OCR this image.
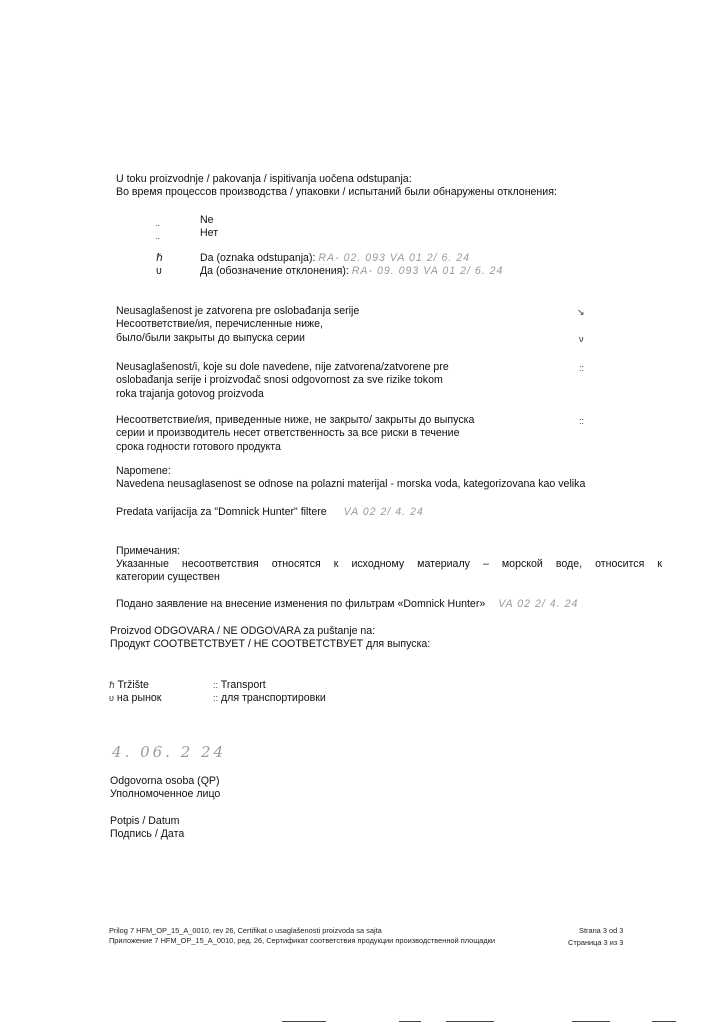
U toku proizvodnje / pakovanja / ispitivanja uočena odstupanja:
Во время процессов производства / упаковки / испытаний были обнаружены отклонения:
..
..
Ne
Нет
ℏ
υ
Da (oznaka odstupanja): RA- 02. 093 VA 01 2/ 6. 24
Да (обозначение отклонения): RA- 09. 093 VA 01 2/ 6. 24
Neusaglašenost je zatvorena pre oslobađanja serije
Несоответствие/ия, перечисленные ниже,
было/были закрыты до выпуска серии
↘
ν
Neusaglašenost/i, koje su dole navedene, nije zatvorena/zatvorene pre
oslobađanja serije i proizvođač snosi odgovornost za sve rizike tokom
roka trajanja gotovog proizvoda
::
Несоответствие/ия, приведенные ниже, не закрыто/ закрыты до выпуска
серии и производитель несет ответственность за все риски в течение
срока годности готового продукта
::
Napomene:
Navedena neusaglasenost se odnose na polazni materijal - morska voda, kategorizovana kao velika
Predata varijacija za "Domnick Hunter" filtere VA 02 2/ 4. 24
Примечания:
Указанные несоответствия относятся к исходному материалу – морской воде, относится к
категории существен
Подано заявление на внесение изменения по фильтрам «Domnick Hunter» VA 02 2/ 4. 24
Proizvod ODGOVARA / NE ODGOVARA za puštanje na:
Продукт СООТВЕТСТВУЕТ / НЕ СООТВЕТСТВУЕТ для выпуска:
ℏ Tržište
υ на рынок
:: Transport
:: для транспортировки
4. 06. 2 24
Odgovorna osoba (QP)
Уполномоченное лицо
Potpis / Datum
Подпись / Дата
Prilog 7 HFM_OP_15_A_0010, rev 26, Certifikat o usaglašenosti proizvoda sa sajta
Приложение 7 HFM_OP_15_A_0010, ред. 26, Сертификат соответствия продукции производственной площадки
Strana 3 od 3
Страница 3 из 3
